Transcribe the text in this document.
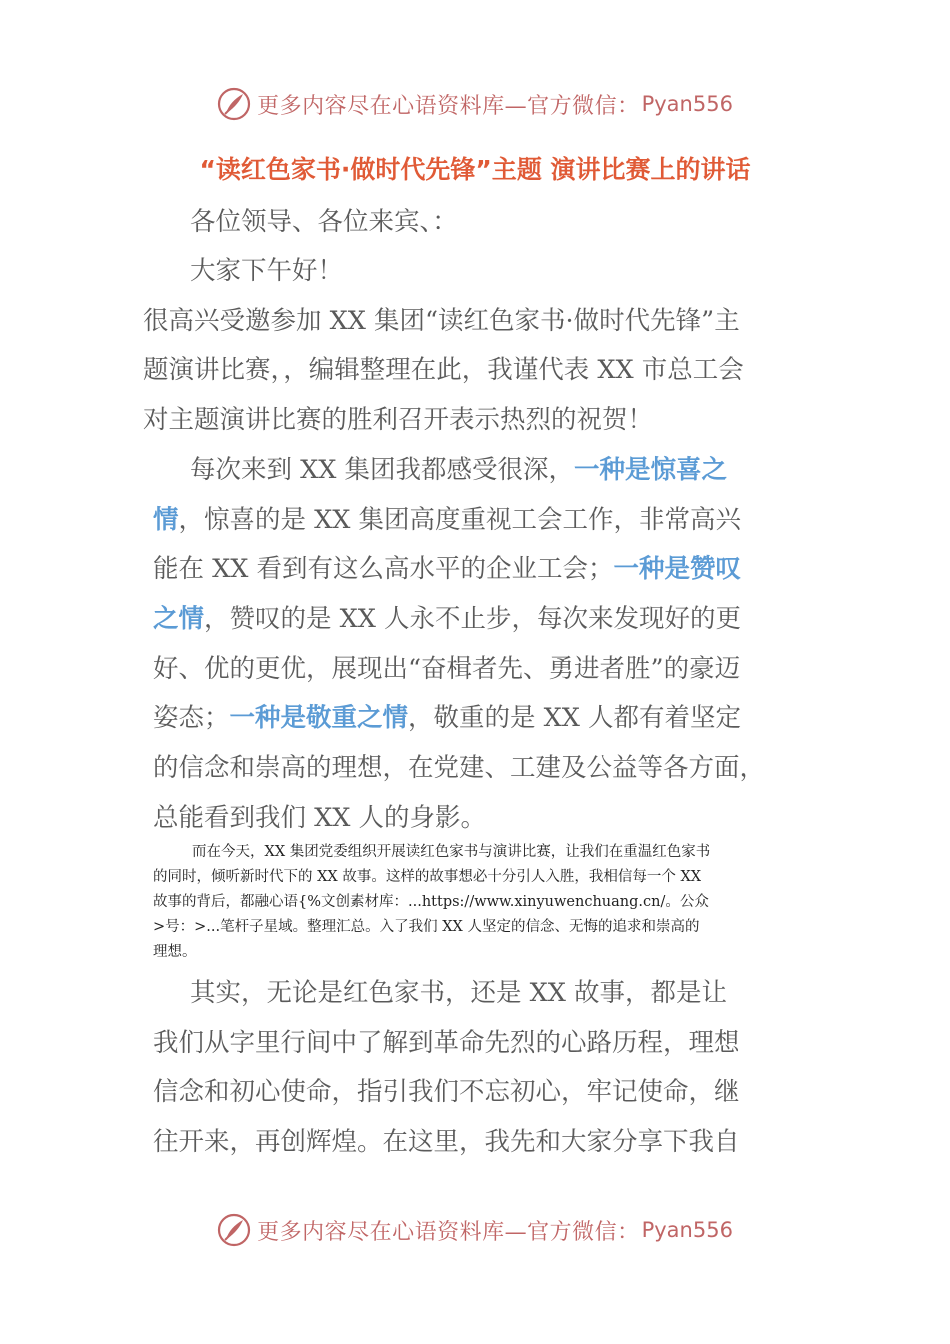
更多内容尽在心语资料库—官方微信： Pyan556
“读红色家书·做时代先锋”主题 演讲比赛上的讲话
各位领导、各位来宾、：
大家下午好！
很高兴受邀参加 XX 集团“读红色家书·做时代先锋”主
题演讲比赛，，编辑整理在此，我谨代表 XX 市总工会
对主题演讲比赛的胜利召开表示热烈的祝贺！
每次来到 XX 集团我都感受很深，一种是惊喜之
情，惊喜的是 XX 集团高度重视工会工作，非常高兴
能在 XX 看到有这么高水平的企业工会；一种是赞叹
之情，赞叹的是 XX 人永不止步，每次来发现好的更
好、优的更优，展现出“奋楫者先、勇进者胜”的豪迈
姿态；一种是敬重之情，敬重的是 XX 人都有着坚定
的信念和崇高的理想，在党建、工建及公益等各方面，
总能看到我们 XX 人的身影。
而在今天，XX 集团党委组织开展读红色家书与演讲比赛，让我们在重温红色家书
的同时，倾听新时代下的 XX 故事。这样的故事想必十分引人入胜，我相信每一个 XX
故事的背后，都融心语{%文创素材库：...https://www.xinyuwenchuang.cn/。公众
>号：>...笔杆子星域。整理汇总。入了我们 XX 人坚定的信念、无悔的追求和崇高的
理想。
其实，无论是红色家书，还是 XX 故事，都是让
我们从字里行间中了解到革命先烈的心路历程，理想
信念和初心使命，指引我们不忘初心，牢记使命，继
往开来，再创辉煌。在这里，我先和大家分享下我自
更多内容尽在心语资料库—官方微信： Pyan556
